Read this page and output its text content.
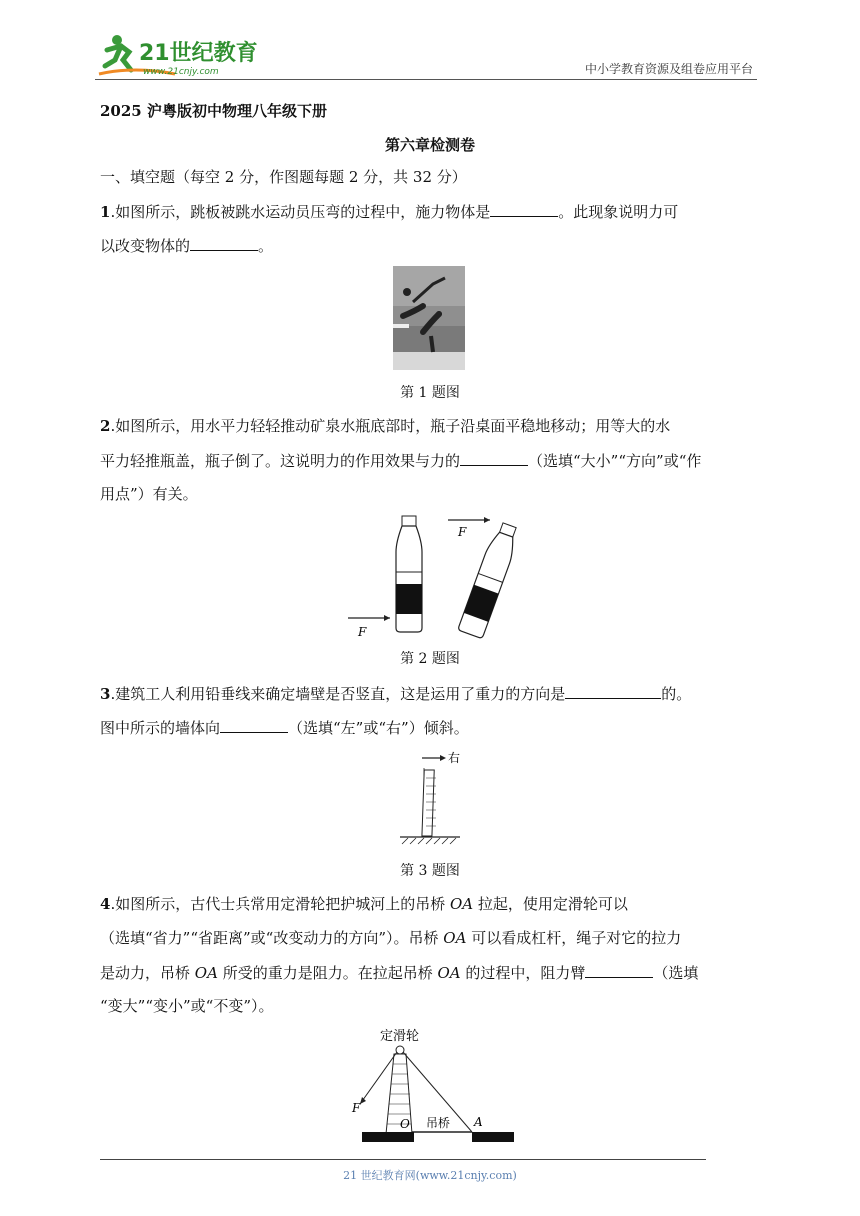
21世纪教育
www.21cnjy.com	中小学教育资源及组卷应用平台
2025 沪粤版初中物理八年级下册
第六章检测卷
一、填空题（每空 2 分，作图题每题 2 分，共 32 分）
1.如图所示，跳板被跳水运动员压弯的过程中，施力物体是	。此现象说明力可
以改变物体的	。
第 1 题图
2.如图所示，用水平力轻轻推动矿泉水瓶底部时，瓶子沿桌面平稳地移动；用等大的水
平力轻推瓶盖，瓶子倒了。这说明力的作用效果与力的	（选填“大小”“方向”或“作
用点”）有关。
F
F
第 2 题图
3.建筑工人利用铅垂线来确定墙壁是否竖直，这是运用了重力的方向是	的。
图中所示的墙体向	（选填“左”或“右”）倾斜。
右
第 3 题图
4.如图所示，古代士兵常用定滑轮把护城河上的吊桥 OA 拉起，使用定滑轮可以
（选填“省力”“省距离”或“改变动力的方向”）。吊桥 OA 可以看成杠杆，绳子对它的拉力
是动力，吊桥 OA 所受的重力是阻力。在拉起吊桥 OA 的过程中，阻力臂	（选填
“变大”“变小”或“不变”）。
定滑轮
F
O 吊桥 A
21 世纪教育网(www.21cnjy.com)
